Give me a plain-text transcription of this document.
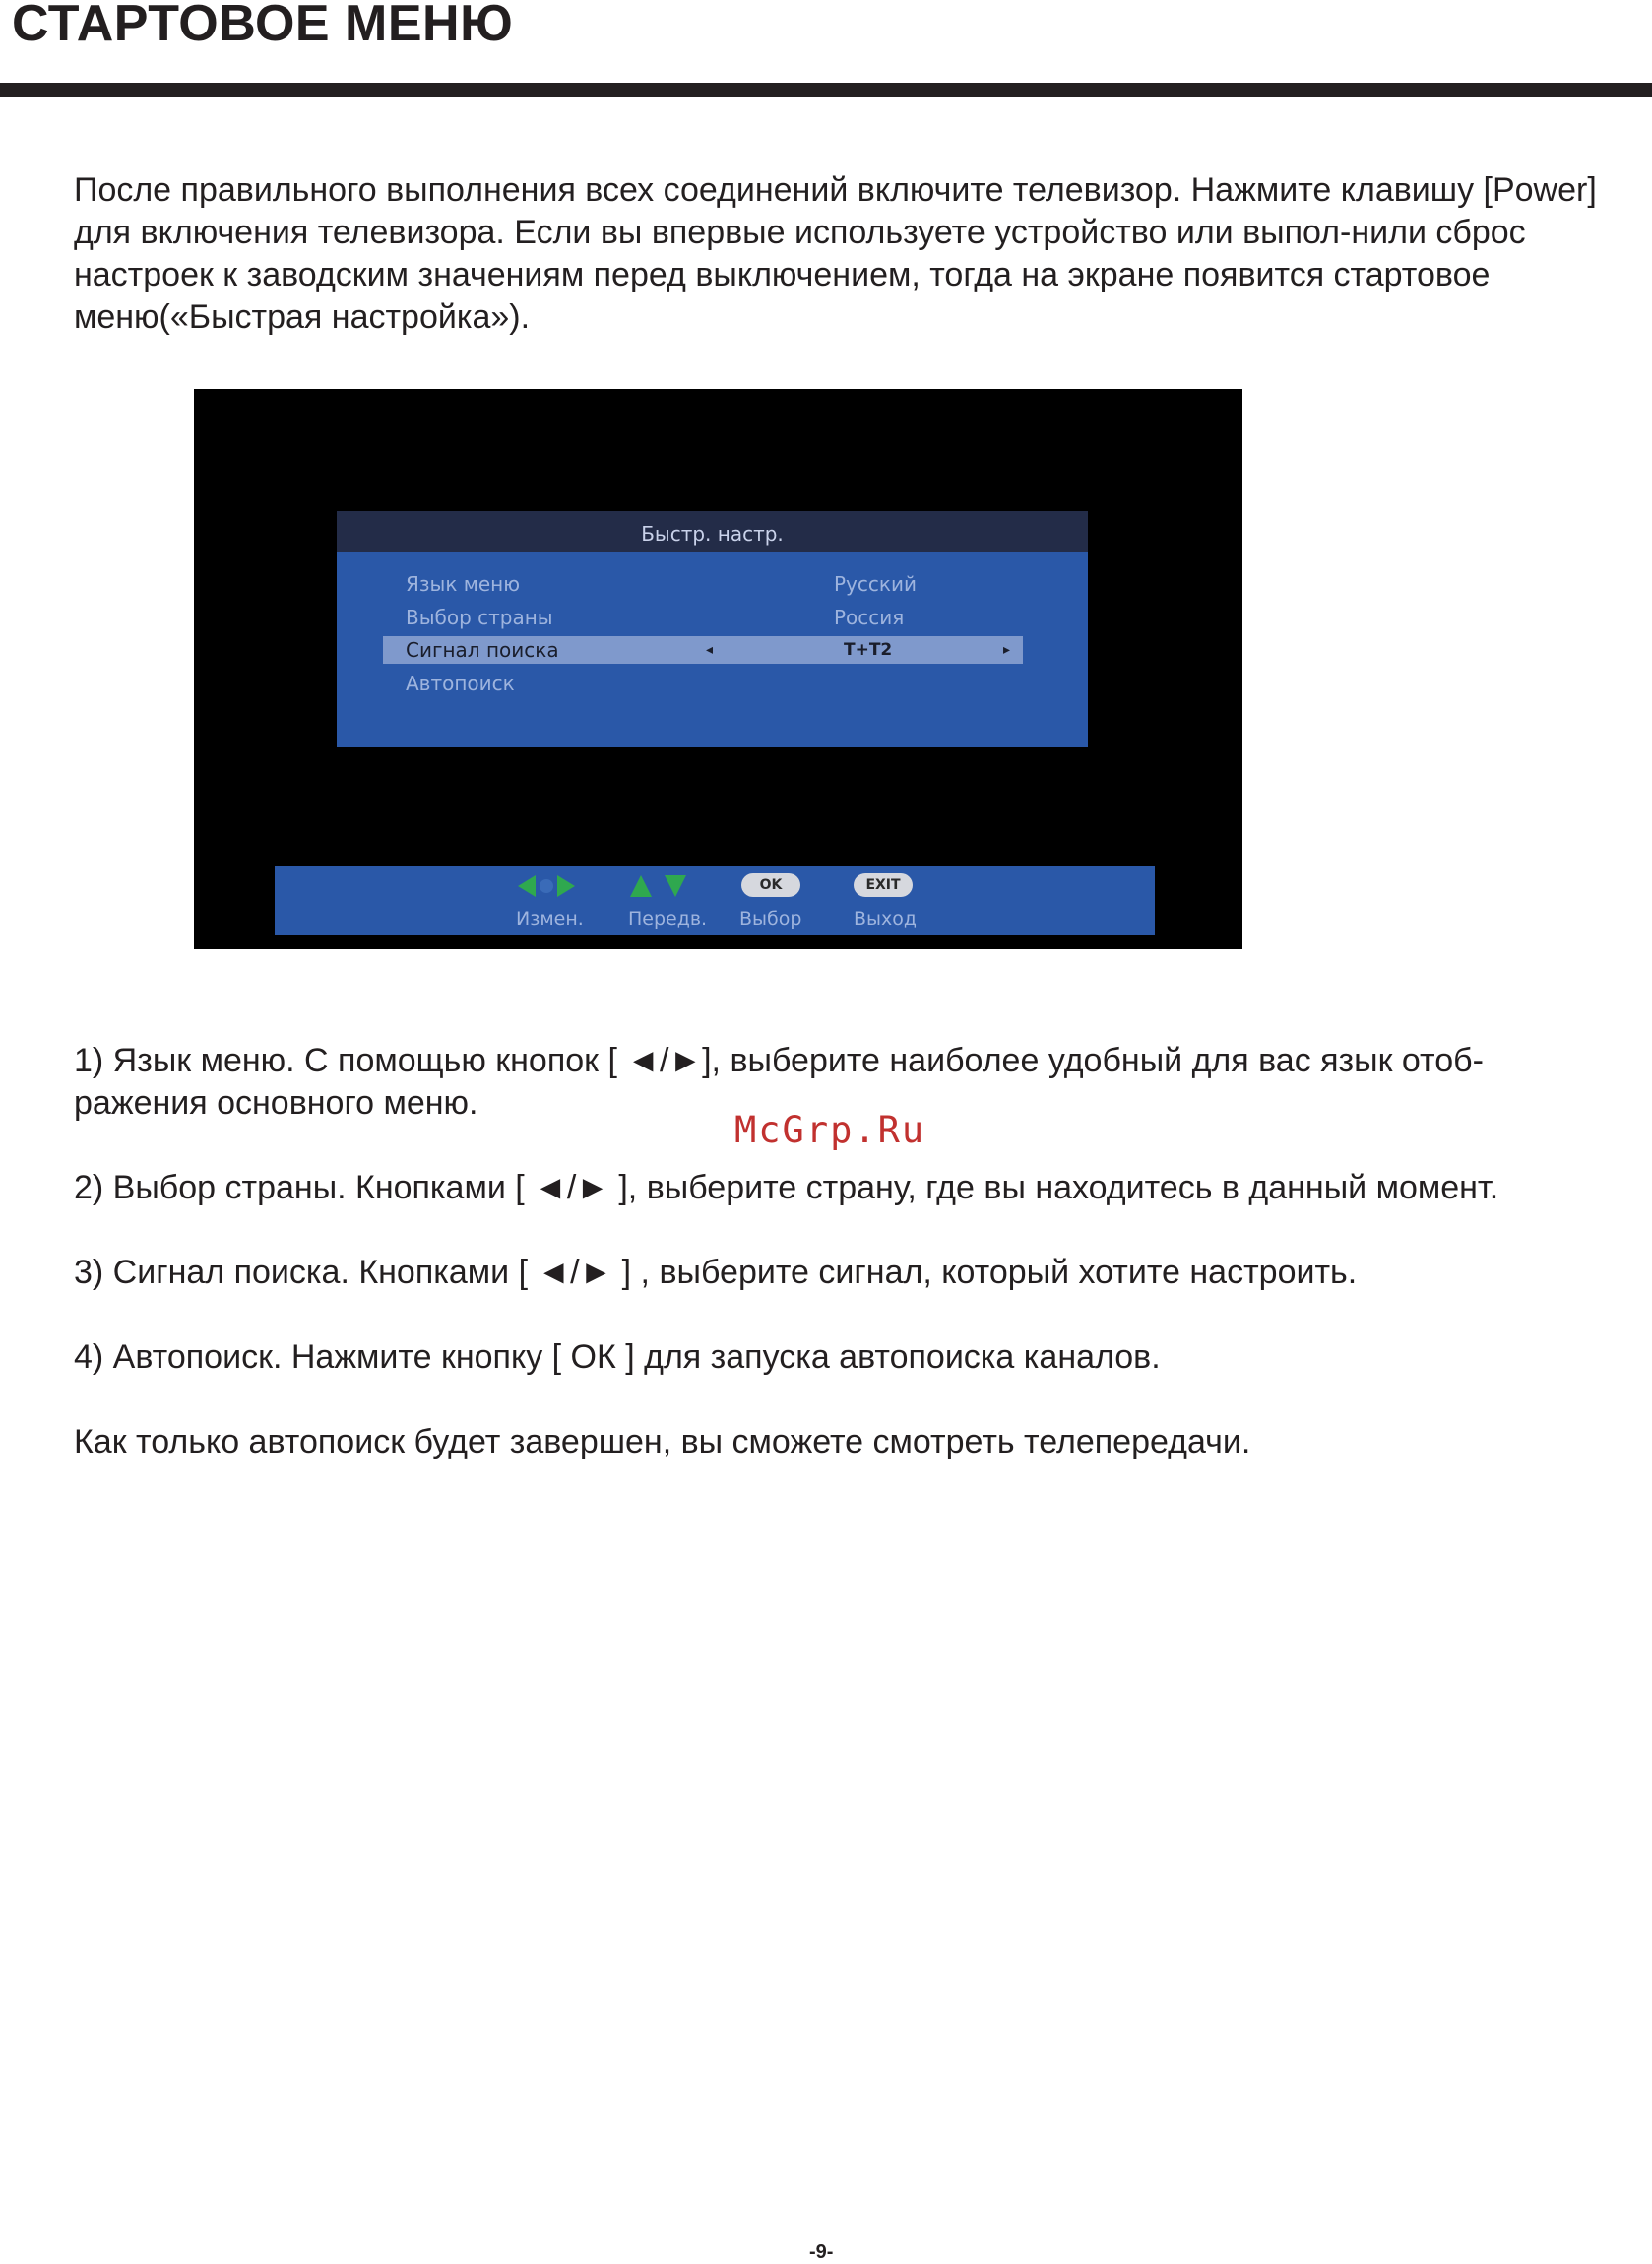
СТАРТОВОЕ МЕНЮ

После правильного выполнения всех соединений включите телевизор. Нажмите клавишу [Power] для включения телевизора. Если вы впервые используете устройство или выпол-нили сброс настроек к заводским значениям перед выключением, тогда на экране появится стартовое меню(«Быстрая настройка»).

Быстр. настр.
Язык меню	Русский
Выбор страны	Россия
Сигнал поиска	◂	T+T2	▸
Автопоиск
Измен. Передв.
OK
Выбор
EXIT
Выход

1) Язык меню. С помощью кнопок [ ◄/►], выберите наиболее удобный для вас язык отоб-ражения основного меню.

2) Выбор страны. Кнопками [ ◄/► ], выберите страну, где вы находитесь в данный момент.

3) Сигнал поиска. Кнопками [ ◄/► ] , выберите сигнал, который хотите настроить.

4) Автопоиск. Нажмите кнопку [ ОК ] для запуска автопоиска каналов.

Как только автопоиск будет завершен, вы сможете смотреть телепередачи.

McGrp.Ru
-9-
